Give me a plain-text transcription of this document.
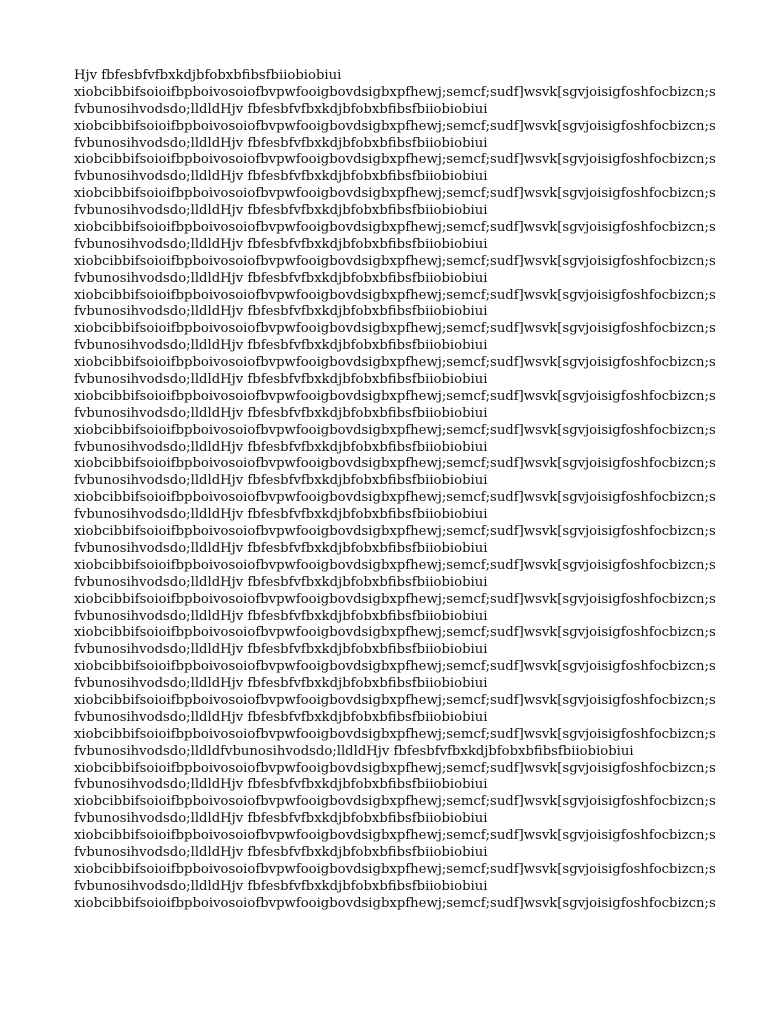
Hjv fbfesbfvfbxkdjbfobxbfibsfbiiobiobiui
xiobcibbifsoioifbpboivosoiofbvpwfooigbovdsigbxpfhewj;semcf;sudf]wsvk[sgvjoisigfoshfocbizcn;s
fvbunosihvodsdo;lldldHjv fbfesbfvfbxkdjbfobxbfibsfbiiobiobiui
xiobcibbifsoioifbpboivosoiofbvpwfooigbovdsigbxpfhewj;semcf;sudf]wsvk[sgvjoisigfoshfocbizcn;s
fvbunosihvodsdo;lldldHjv fbfesbfvfbxkdjbfobxbfibsfbiiobiobiui
xiobcibbifsoioifbpboivosoiofbvpwfooigbovdsigbxpfhewj;semcf;sudf]wsvk[sgvjoisigfoshfocbizcn;s
fvbunosihvodsdo;lldldHjv fbfesbfvfbxkdjbfobxbfibsfbiiobiobiui
xiobcibbifsoioifbpboivosoiofbvpwfooigbovdsigbxpfhewj;semcf;sudf]wsvk[sgvjoisigfoshfocbizcn;s
fvbunosihvodsdo;lldldHjv fbfesbfvfbxkdjbfobxbfibsfbiiobiobiui
xiobcibbifsoioifbpboivosoiofbvpwfooigbovdsigbxpfhewj;semcf;sudf]wsvk[sgvjoisigfoshfocbizcn;s
fvbunosihvodsdo;lldldHjv fbfesbfvfbxkdjbfobxbfibsfbiiobiobiui
xiobcibbifsoioifbpboivosoiofbvpwfooigbovdsigbxpfhewj;semcf;sudf]wsvk[sgvjoisigfoshfocbizcn;s
fvbunosihvodsdo;lldldHjv fbfesbfvfbxkdjbfobxbfibsfbiiobiobiui
xiobcibbifsoioifbpboivosoiofbvpwfooigbovdsigbxpfhewj;semcf;sudf]wsvk[sgvjoisigfoshfocbizcn;s
fvbunosihvodsdo;lldldHjv fbfesbfvfbxkdjbfobxbfibsfbiiobiobiui
xiobcibbifsoioifbpboivosoiofbvpwfooigbovdsigbxpfhewj;semcf;sudf]wsvk[sgvjoisigfoshfocbizcn;s
fvbunosihvodsdo;lldldHjv fbfesbfvfbxkdjbfobxbfibsfbiiobiobiui
xiobcibbifsoioifbpboivosoiofbvpwfooigbovdsigbxpfhewj;semcf;sudf]wsvk[sgvjoisigfoshfocbizcn;s
fvbunosihvodsdo;lldldHjv fbfesbfvfbxkdjbfobxbfibsfbiiobiobiui
xiobcibbifsoioifbpboivosoiofbvpwfooigbovdsigbxpfhewj;semcf;sudf]wsvk[sgvjoisigfoshfocbizcn;s
fvbunosihvodsdo;lldldHjv fbfesbfvfbxkdjbfobxbfibsfbiiobiobiui
xiobcibbifsoioifbpboivosoiofbvpwfooigbovdsigbxpfhewj;semcf;sudf]wsvk[sgvjoisigfoshfocbizcn;s
fvbunosihvodsdo;lldldHjv fbfesbfvfbxkdjbfobxbfibsfbiiobiobiui
xiobcibbifsoioifbpboivosoiofbvpwfooigbovdsigbxpfhewj;semcf;sudf]wsvk[sgvjoisigfoshfocbizcn;s
fvbunosihvodsdo;lldldHjv fbfesbfvfbxkdjbfobxbfibsfbiiobiobiui
xiobcibbifsoioifbpboivosoiofbvpwfooigbovdsigbxpfhewj;semcf;sudf]wsvk[sgvjoisigfoshfocbizcn;s
fvbunosihvodsdo;lldldHjv fbfesbfvfbxkdjbfobxbfibsfbiiobiobiui
xiobcibbifsoioifbpboivosoiofbvpwfooigbovdsigbxpfhewj;semcf;sudf]wsvk[sgvjoisigfoshfocbizcn;s
fvbunosihvodsdo;lldldHjv fbfesbfvfbxkdjbfobxbfibsfbiiobiobiui
xiobcibbifsoioifbpboivosoiofbvpwfooigbovdsigbxpfhewj;semcf;sudf]wsvk[sgvjoisigfoshfocbizcn;s
fvbunosihvodsdo;lldldHjv fbfesbfvfbxkdjbfobxbfibsfbiiobiobiui
xiobcibbifsoioifbpboivosoiofbvpwfooigbovdsigbxpfhewj;semcf;sudf]wsvk[sgvjoisigfoshfocbizcn;s
fvbunosihvodsdo;lldldHjv fbfesbfvfbxkdjbfobxbfibsfbiiobiobiui
xiobcibbifsoioifbpboivosoiofbvpwfooigbovdsigbxpfhewj;semcf;sudf]wsvk[sgvjoisigfoshfocbizcn;s
fvbunosihvodsdo;lldldHjv fbfesbfvfbxkdjbfobxbfibsfbiiobiobiui
xiobcibbifsoioifbpboivosoiofbvpwfooigbovdsigbxpfhewj;semcf;sudf]wsvk[sgvjoisigfoshfocbizcn;s
fvbunosihvodsdo;lldldHjv fbfesbfvfbxkdjbfobxbfibsfbiiobiobiui
xiobcibbifsoioifbpboivosoiofbvpwfooigbovdsigbxpfhewj;semcf;sudf]wsvk[sgvjoisigfoshfocbizcn;s
fvbunosihvodsdo;lldldHjv fbfesbfvfbxkdjbfobxbfibsfbiiobiobiui
xiobcibbifsoioifbpboivosoiofbvpwfooigbovdsigbxpfhewj;semcf;sudf]wsvk[sgvjoisigfoshfocbizcn;s
fvbunosihvodsdo;lldldfvbunosihvodsdo;lldldHjv fbfesbfvfbxkdjbfobxbfibsfbiiobiobiui
xiobcibbifsoioifbpboivosoiofbvpwfooigbovdsigbxpfhewj;semcf;sudf]wsvk[sgvjoisigfoshfocbizcn;s
fvbunosihvodsdo;lldldHjv fbfesbfvfbxkdjbfobxbfibsfbiiobiobiui
xiobcibbifsoioifbpboivosoiofbvpwfooigbovdsigbxpfhewj;semcf;sudf]wsvk[sgvjoisigfoshfocbizcn;s
fvbunosihvodsdo;lldldHjv fbfesbfvfbxkdjbfobxbfibsfbiiobiobiui
xiobcibbifsoioifbpboivosoiofbvpwfooigbovdsigbxpfhewj;semcf;sudf]wsvk[sgvjoisigfoshfocbizcn;s
fvbunosihvodsdo;lldldHjv fbfesbfvfbxkdjbfobxbfibsfbiiobiobiui
xiobcibbifsoioifbpboivosoiofbvpwfooigbovdsigbxpfhewj;semcf;sudf]wsvk[sgvjoisigfoshfocbizcn;s
fvbunosihvodsdo;lldldHjv fbfesbfvfbxkdjbfobxbfibsfbiiobiobiui
xiobcibbifsoioifbpboivosoiofbvpwfooigbovdsigbxpfhewj;semcf;sudf]wsvk[sgvjoisigfoshfocbizcn;s
